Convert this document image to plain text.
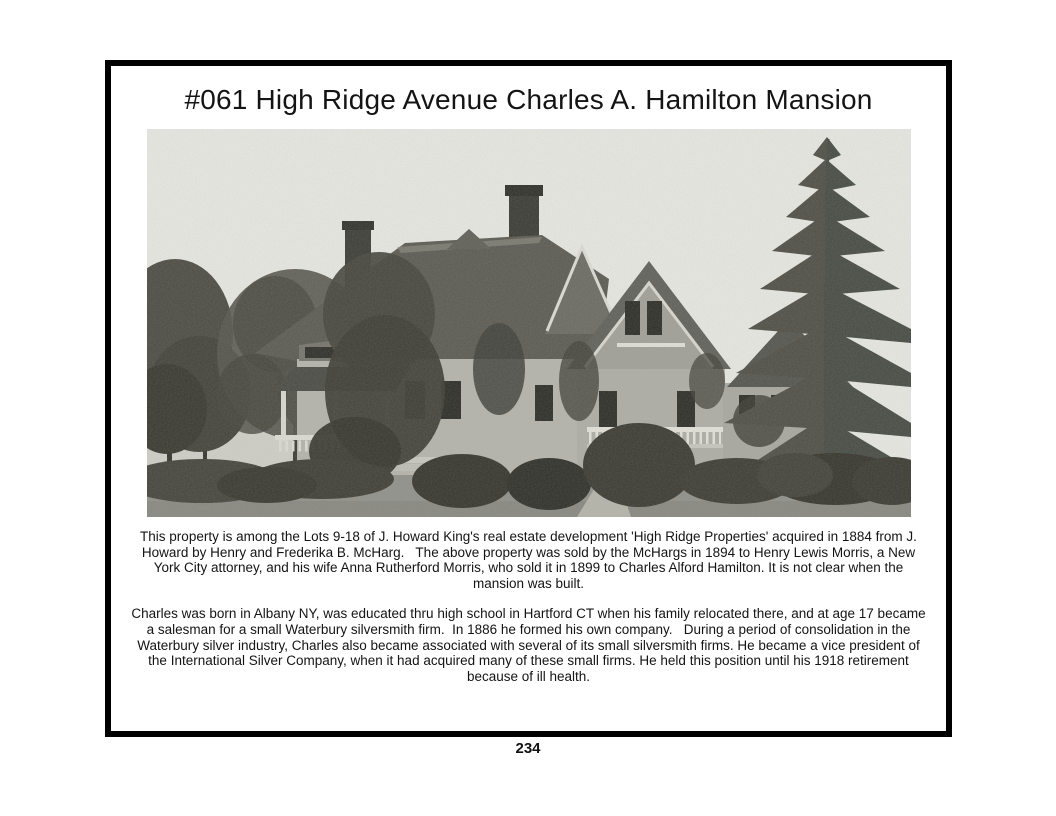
#061 High Ridge Avenue Charles A. Hamilton Mansion

This property is among the Lots 9-18 of J. Howard King's real estate development 'High Ridge Properties' acquired in 1884 from J. Howard by Henry and Frederika B. McHarg.   The above property was sold by the McHargs in 1894 to Henry Lewis Morris, a New York City attorney, and his wife Anna Rutherford Morris, who sold it in 1899 to Charles Alford Hamilton. It is not clear when the mansion was built.

Charles was born in Albany NY, was educated thru high school in Hartford CT when his family relocated there, and at age 17 became a salesman for a small Waterbury silversmith firm.  In 1886 he formed his own company.   During a period of consolidation in the Waterbury silver industry, Charles also became associated with several of its small silversmith firms. He became a vice president of the International Silver Company, when it had acquired many of these small firms. He held this position until his 1918 retirement because of ill health.

234
